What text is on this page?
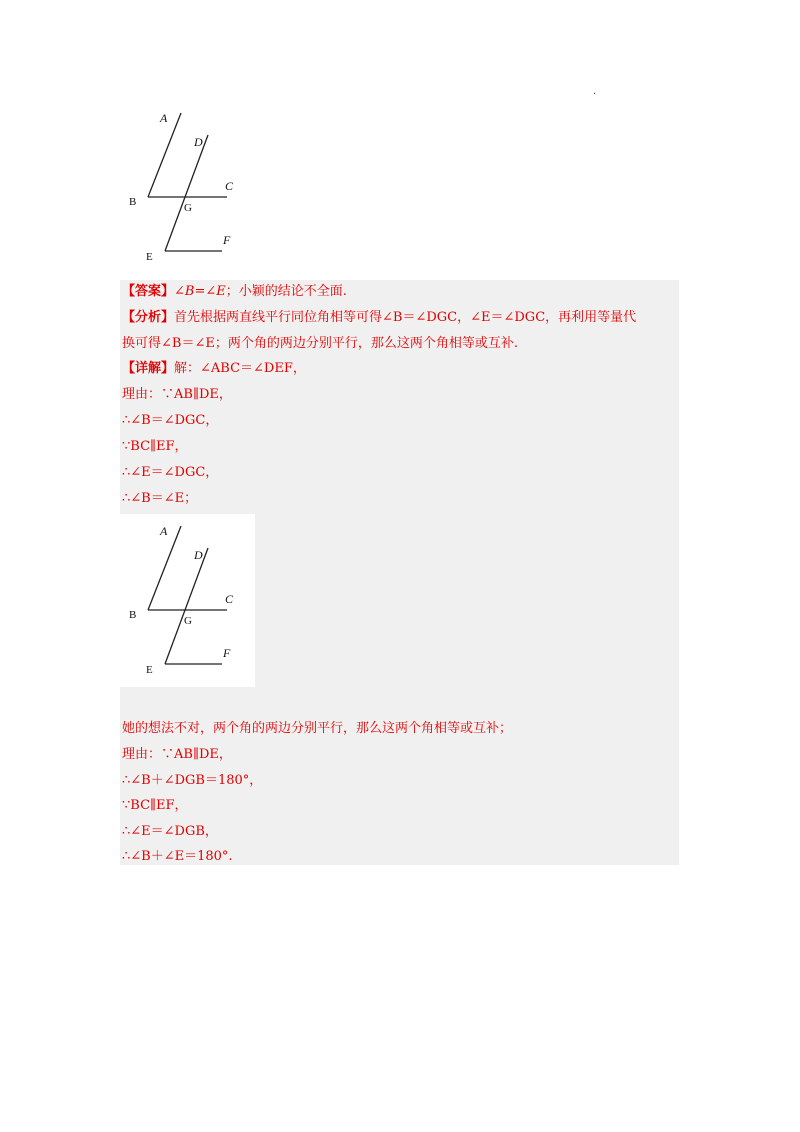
.
A
D
C
B	G
E
F
【答案】∠B=∠E；小颖的结论不全面.
【分析】首先根据两直线平行同位角相等可得∠B＝∠DGC，∠E＝∠DGC，再利用等量代
换可得∠B＝∠E；两个角的两边分别平行，那么这两个角相等或互补.
【详解】解：∠ABC＝∠DEF，
理由：∵AB∥DE，
∴∠B＝∠DGC，
∵BC∥EF，
∴∠E＝∠DGC，
∴∠B＝∠E；
A
D
C
B	G
E
F
她的想法不对，两个角的两边分别平行，那么这两个角相等或互补；
理由：∵AB∥DE，
∴∠B＋∠DGB＝180°，
∵BC∥EF，
∴∠E＝∠DGB，
∴∠B＋∠E＝180°.
